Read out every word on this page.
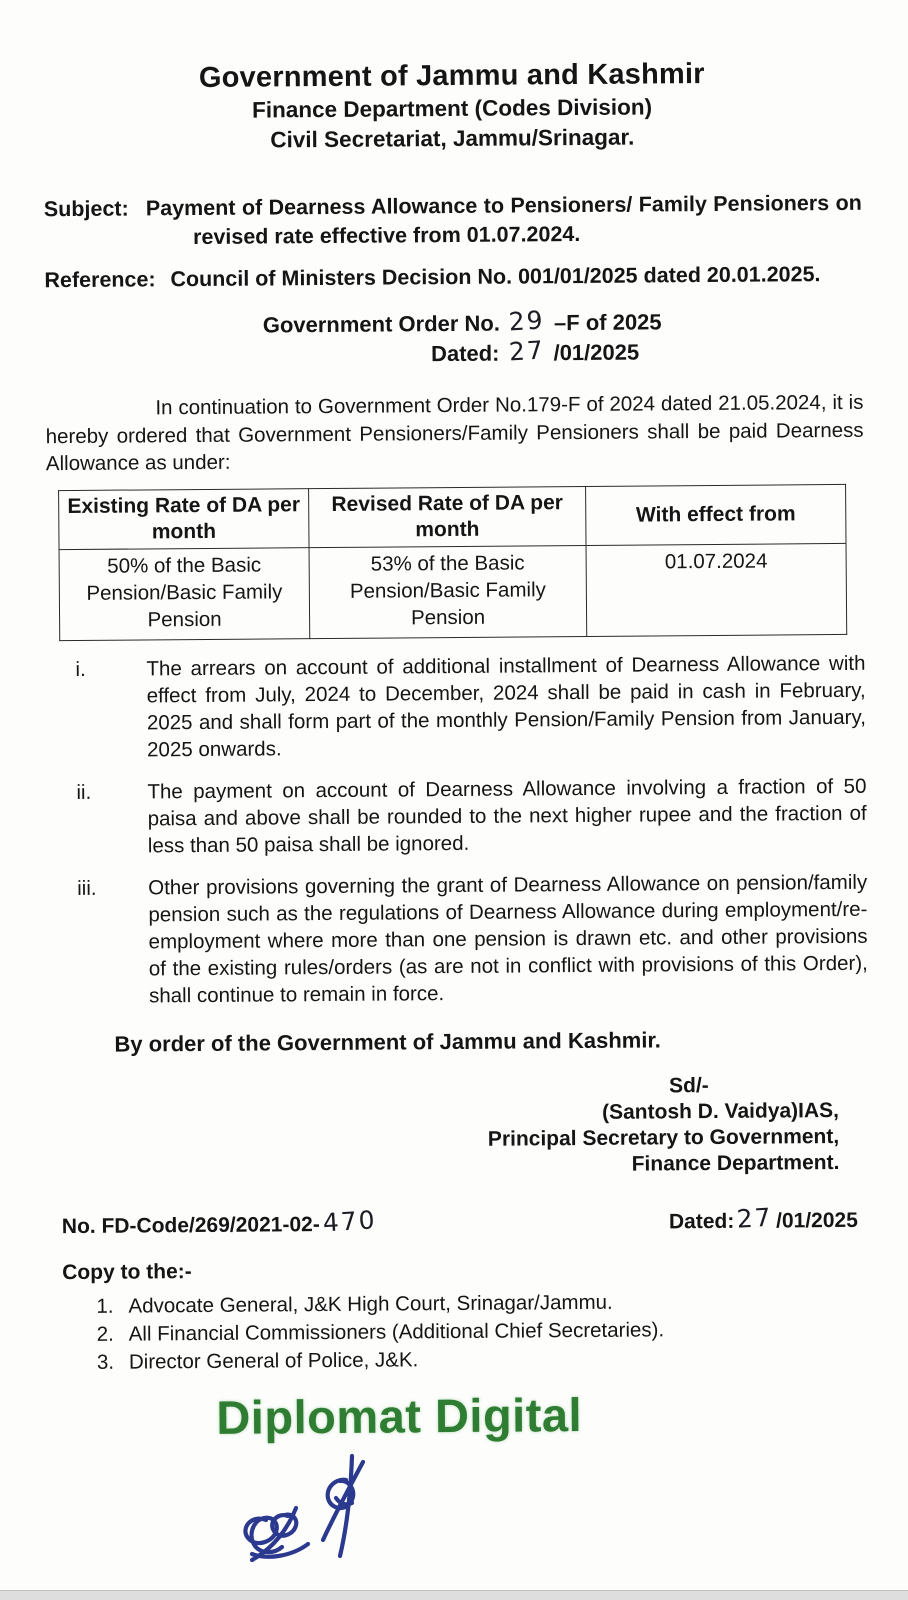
Government of Jammu and Kashmir
Finance Department (Codes Division)
Civil Secretariat, Jammu/Srinagar.
Subject: Payment of Dearness Allowance to Pensioners/ Family Pensioners on revised rate effective from 01.07.2024.
Reference: Council of Ministers Decision No. 001/01/2025 dated 20.01.2025.
Government Order No. 29 –F of 2025
Dated: 27 /01/2025
In continuation to Government Order No.179-F of 2024 dated 21.05.2024, it is hereby ordered that Government Pensioners/Family Pensioners shall be paid Dearness Allowance as under:
Existing Rate of DA per month	Revised Rate of DA per month	With effect from
50% of the Basic Pension/Basic Family Pension	53% of the Basic Pension/Basic Family Pension	01.07.2024
i.	The arrears on account of additional installment of Dearness Allowance with effect from July, 2024 to December, 2024 shall be paid in cash in February, 2025 and shall form part of the monthly Pension/Family Pension from January, 2025 onwards.
ii.	The payment on account of Dearness Allowance involving a fraction of 50 paisa and above shall be rounded to the next higher rupee and the fraction of less than 50 paisa shall be ignored.
iii.	Other provisions governing the grant of Dearness Allowance on pension/family pension such as the regulations of Dearness Allowance during employment/re-employment where more than one pension is drawn etc. and other provisions of the existing rules/orders (as are not in conflict with provisions of this Order), shall continue to remain in force.
By order of the Government of Jammu and Kashmir.
Sd/-
(Santosh D. Vaidya)IAS,
Principal Secretary to Government,
Finance Department.
No. FD-Code/269/2021-02-470	Dated:27 /01/2025
Copy to the:-
1. Advocate General, J&K High Court, Srinagar/Jammu.
2. All Financial Commissioners (Additional Chief Secretaries).
3. Director General of Police, J&K.
Diplomat Digital
